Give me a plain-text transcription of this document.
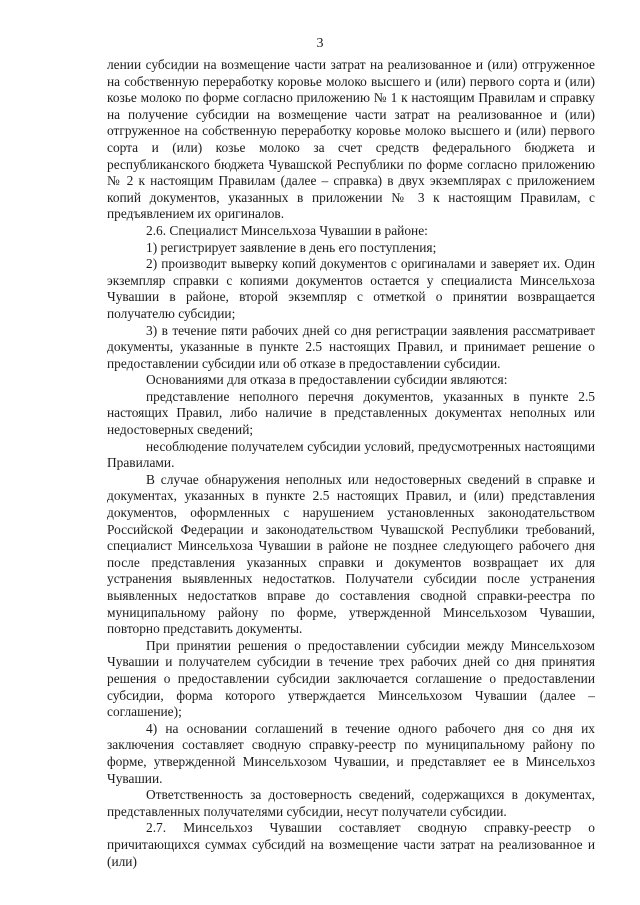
3

лении субсидии на возмещение части затрат на реализованное и (или) отгруженное на собственную переработку коровье молоко высшего и (или) первого сорта и (или) козье молоко по форме согласно приложению № 1 к настоящим Правилам и справку на получение субсидии на возмещение части затрат на реализованное и (или) отгруженное на собственную переработку коровье молоко высшего и (или) первого сорта и (или) козье молоко за счет средств федерального бюджета и республиканского бюджета Чувашской Республики по форме согласно приложению № 2 к настоящим Правилам (далее – справка) в двух экземплярах с приложением копий документов, указанных в приложении № 3 к настоящим Правилам, с предъявлением их оригиналов.

2.6. Специалист Минсельхоза Чувашии в районе:

1) регистрирует заявление в день его поступления;

2) производит выверку копий документов с оригиналами и заверяет их. Один экземпляр справки с копиями документов остается у специалиста Минсельхоза Чувашии в районе, второй экземпляр с отметкой о принятии возвращается получателю субсидии;

3) в течение пяти рабочих дней со дня регистрации заявления рассматривает документы, указанные в пункте 2.5 настоящих Правил, и принимает решение о предоставлении субсидии или об отказе в предоставлении субсидии.

Основаниями для отказа в предоставлении субсидии являются:

представление неполного перечня документов, указанных в пункте 2.5 настоящих Правил, либо наличие в представленных документах неполных или недостоверных сведений;

несоблюдение получателем субсидии условий, предусмотренных настоящими Правилами.

В случае обнаружения неполных или недостоверных сведений в справке и документах, указанных в пункте 2.5 настоящих Правил, и (или) представления документов, оформленных с нарушением установленных законодательством Российской Федерации и законодательством Чувашской Республики требований, специалист Минсельхоза Чувашии в районе не позднее следующего рабочего дня после представления указанных справки и документов возвращает их для устранения выявленных недостатков. Получатели субсидии после устранения выявленных недостатков вправе до составления сводной справки-реестра по муниципальному району по форме, утвержденной Минсельхозом Чувашии, повторно представить документы.

При принятии решения о предоставлении субсидии между Минсельхозом Чувашии и получателем субсидии в течение трех рабочих дней со дня принятия решения о предоставлении субсидии заключается соглашение о предоставлении субсидии, форма которого утверждается Минсельхозом Чувашии (далее – соглашение);

4) на основании соглашений в течение одного рабочего дня со дня их заключения составляет сводную справку-реестр по муниципальному району по форме, утвержденной Минсельхозом Чувашии, и представляет ее в Минсельхоз Чувашии.

Ответственность за достоверность сведений, содержащихся в документах, представленных получателями субсидии, несут получатели субсидии.

2.7. Минсельхоз Чувашии составляет сводную справку-реестр о причитающихся суммах субсидий на возмещение части затрат на реализованное и (или)
